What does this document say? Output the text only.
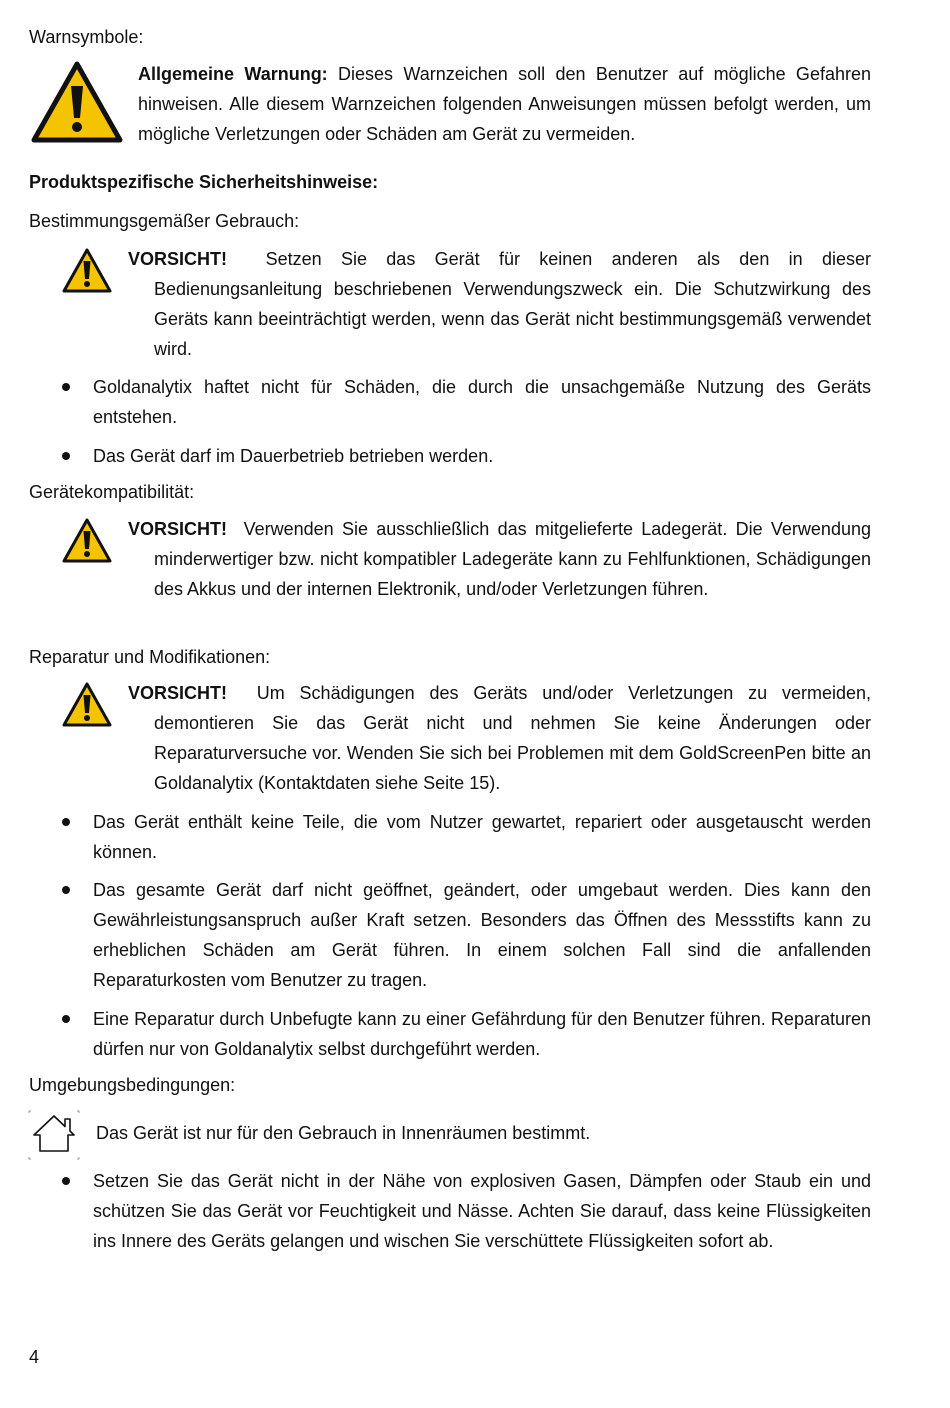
Warnsymbole:
Allgemeine Warnung: Dieses Warnzeichen soll den Benutzer auf mögliche Gefahren hinweisen. Alle diesem Warnzeichen folgenden Anweisungen müssen befolgt werden, um mögliche Verletzungen oder Schäden am Gerät zu vermeiden.
Produktspezifische Sicherheitshinweise:
Bestimmungsgemäßer Gebrauch:
VORSICHT! Setzen Sie das Gerät für keinen anderen als den in dieser Bedienungsanleitung beschriebenen Verwendungszweck ein. Die Schutzwirkung des Geräts kann beeinträchtigt werden, wenn das Gerät nicht bestimmungsgemäß verwendet wird.
Goldanalytix haftet nicht für Schäden, die durch die unsachgemäße Nutzung des Geräts entstehen.
Das Gerät darf im Dauerbetrieb betrieben werden.
Gerätekompatibilität:
VORSICHT! Verwenden Sie ausschließlich das mitgelieferte Ladegerät. Die Verwendung minderwertiger bzw. nicht kompatibler Ladegeräte kann zu Fehlfunktionen, Schädigungen des Akkus und der internen Elektronik, und/oder Verletzungen führen.
Reparatur und Modifikationen:
VORSICHT! Um Schädigungen des Geräts und/oder Verletzungen zu vermeiden, demontieren Sie das Gerät nicht und nehmen Sie keine Änderungen oder Reparaturversuche vor. Wenden Sie sich bei Problemen mit dem GoldScreenPen bitte an Goldanalytix (Kontaktdaten siehe Seite 15).
Das Gerät enthält keine Teile, die vom Nutzer gewartet, repariert oder ausgetauscht werden können.
Das gesamte Gerät darf nicht geöffnet, geändert, oder umgebaut werden. Dies kann den Gewährleistungsanspruch außer Kraft setzen. Besonders das Öffnen des Messstifts kann zu erheblichen Schäden am Gerät führen. In einem solchen Fall sind die anfallenden Reparaturkosten vom Benutzer zu tragen.
Eine Reparatur durch Unbefugte kann zu einer Gefährdung für den Benutzer führen. Reparaturen dürfen nur von Goldanalytix selbst durchgeführt werden.
Umgebungsbedingungen:
Das Gerät ist nur für den Gebrauch in Innenräumen bestimmt.
Setzen Sie das Gerät nicht in der Nähe von explosiven Gasen, Dämpfen oder Staub ein und schützen Sie das Gerät vor Feuchtigkeit und Nässe. Achten Sie darauf, dass keine Flüssigkeiten ins Innere des Geräts gelangen und wischen Sie verschüttete Flüssigkeiten sofort ab.
4
